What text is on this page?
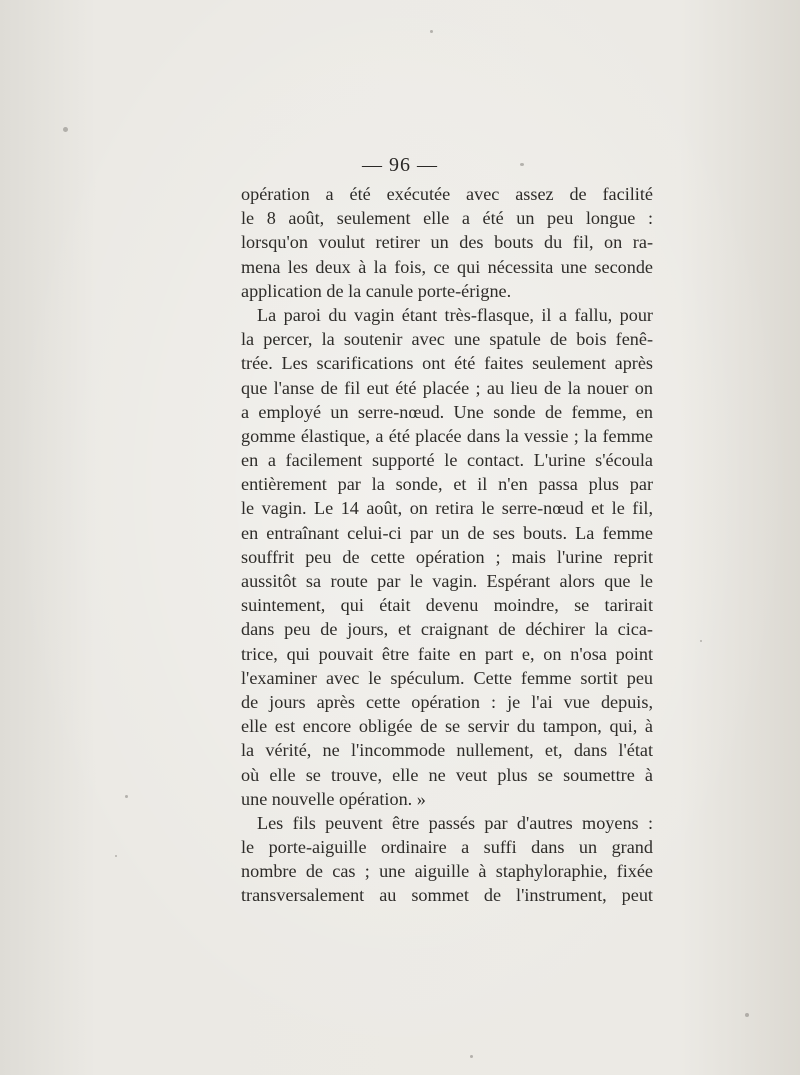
— 96 —
opération a été exécutée avec assez de facilité
le 8 août, seulement elle a été un peu longue :
lorsqu'on voulut retirer un des bouts du fil, on ra-
mena les deux à la fois, ce qui nécessita une seconde
application de la canule porte-érigne.
La paroi du vagin étant très-flasque, il a fallu, pour
la percer, la soutenir avec une spatule de bois fenê-
trée. Les scarifications ont été faites seulement après
que l'anse de fil eut été placée ; au lieu de la nouer on
a employé un serre-nœud. Une sonde de femme, en
gomme élastique, a été placée dans la vessie ; la femme
en a facilement supporté le contact. L'urine s'écoula
entièrement par la sonde, et il n'en passa plus par
le vagin. Le 14 août, on retira le serre-nœud et le fil,
en entraînant celui-ci par un de ses bouts. La femme
souffrit peu de cette opération ; mais l'urine reprit
aussitôt sa route par le vagin. Espérant alors que le
suintement, qui était devenu moindre, se tarirait
dans peu de jours, et craignant de déchirer la cica-
trice, qui pouvait être faite en part e, on n'osa point
l'examiner avec le spéculum. Cette femme sortit peu
de jours après cette opération : je l'ai vue depuis,
elle est encore obligée de se servir du tampon, qui, à
la vérité, ne l'incommode nullement, et, dans l'état
où elle se trouve, elle ne veut plus se soumettre à
une nouvelle opération. »
Les fils peuvent être passés par d'autres moyens :
le porte-aiguille ordinaire a suffi dans un grand
nombre de cas ; une aiguille à staphyloraphie, fixée
transversalement au sommet de l'instrument, peut
